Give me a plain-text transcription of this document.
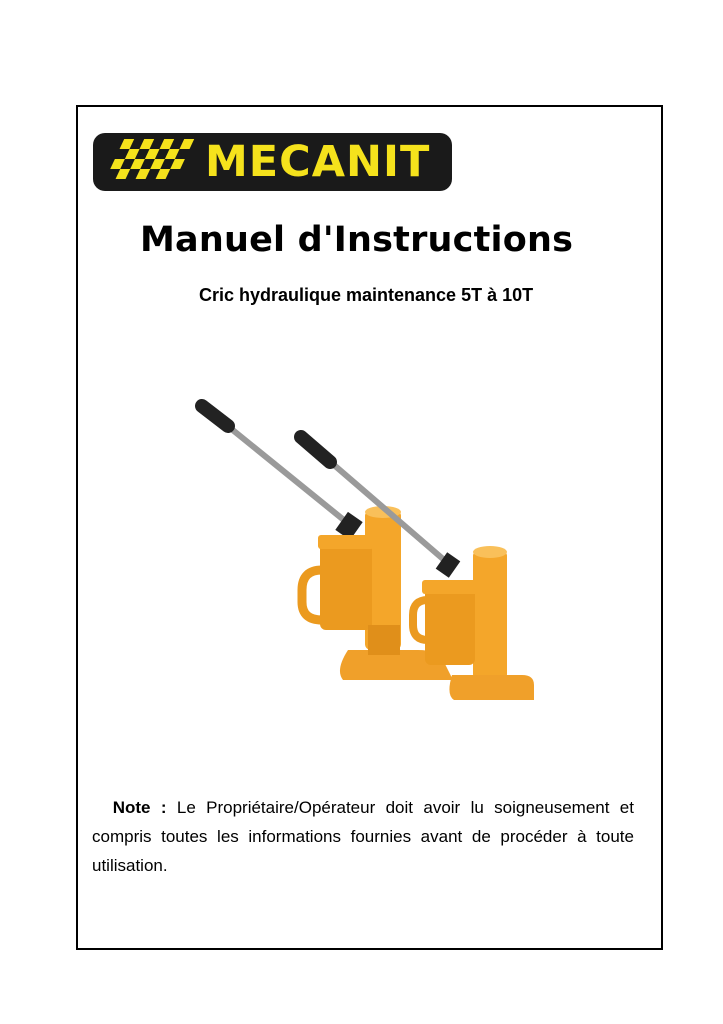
MECANIT
Manuel d'Instructions
Cric hydraulique maintenance 5T à 10T
Note : Le Propriétaire/Opérateur doit avoir lu soigneusement et compris toutes les informations fournies avant de procéder à toute utilisation.
